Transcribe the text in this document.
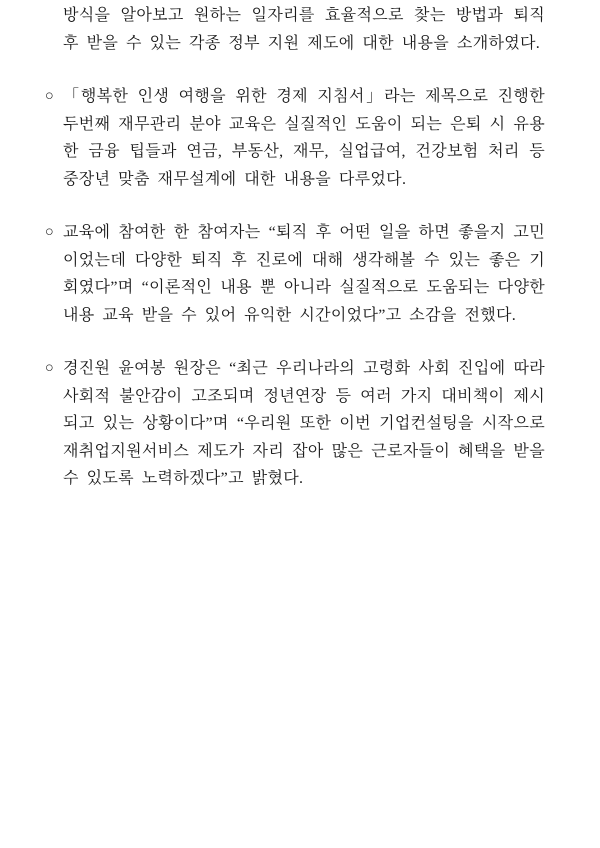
방식을 알아보고 원하는 일자리를 효율적으로 찾는 방법과 퇴직 후 받을 수 있는 각종 정부 지원 제도에 대한 내용을 소개하였다.
○ 「행복한 인생 여행을 위한 경제 지침서」라는 제목으로 진행한 두번째 재무관리 분야 교육은 실질적인 도움이 되는 은퇴 시 유용한 금융 팁들과 연금, 부동산, 재무, 실업급여, 건강보험 처리 등 중장년 맞춤 재무설계에 대한 내용을 다루었다.
○ 교육에 참여한 한 참여자는 “퇴직 후 어떤 일을 하면 좋을지 고민이었는데 다양한 퇴직 후 진로에 대해 생각해볼 수 있는 좋은 기회였다”며 “이론적인 내용 뿐 아니라 실질적으로 도움되는 다양한 내용 교육 받을 수 있어 유익한 시간이었다”고 소감을 전했다.
○ 경진원 윤여봉 원장은 “최근 우리나라의 고령화 사회 진입에 따라 사회적 불안감이 고조되며 정년연장 등 여러 가지 대비책이 제시되고 있는 상황이다”며 “우리원 또한 이번 기업컨설팅을 시작으로 재취업지원서비스 제도가 자리 잡아 많은 근로자들이 혜택을 받을 수 있도록 노력하겠다”고 밝혔다.
